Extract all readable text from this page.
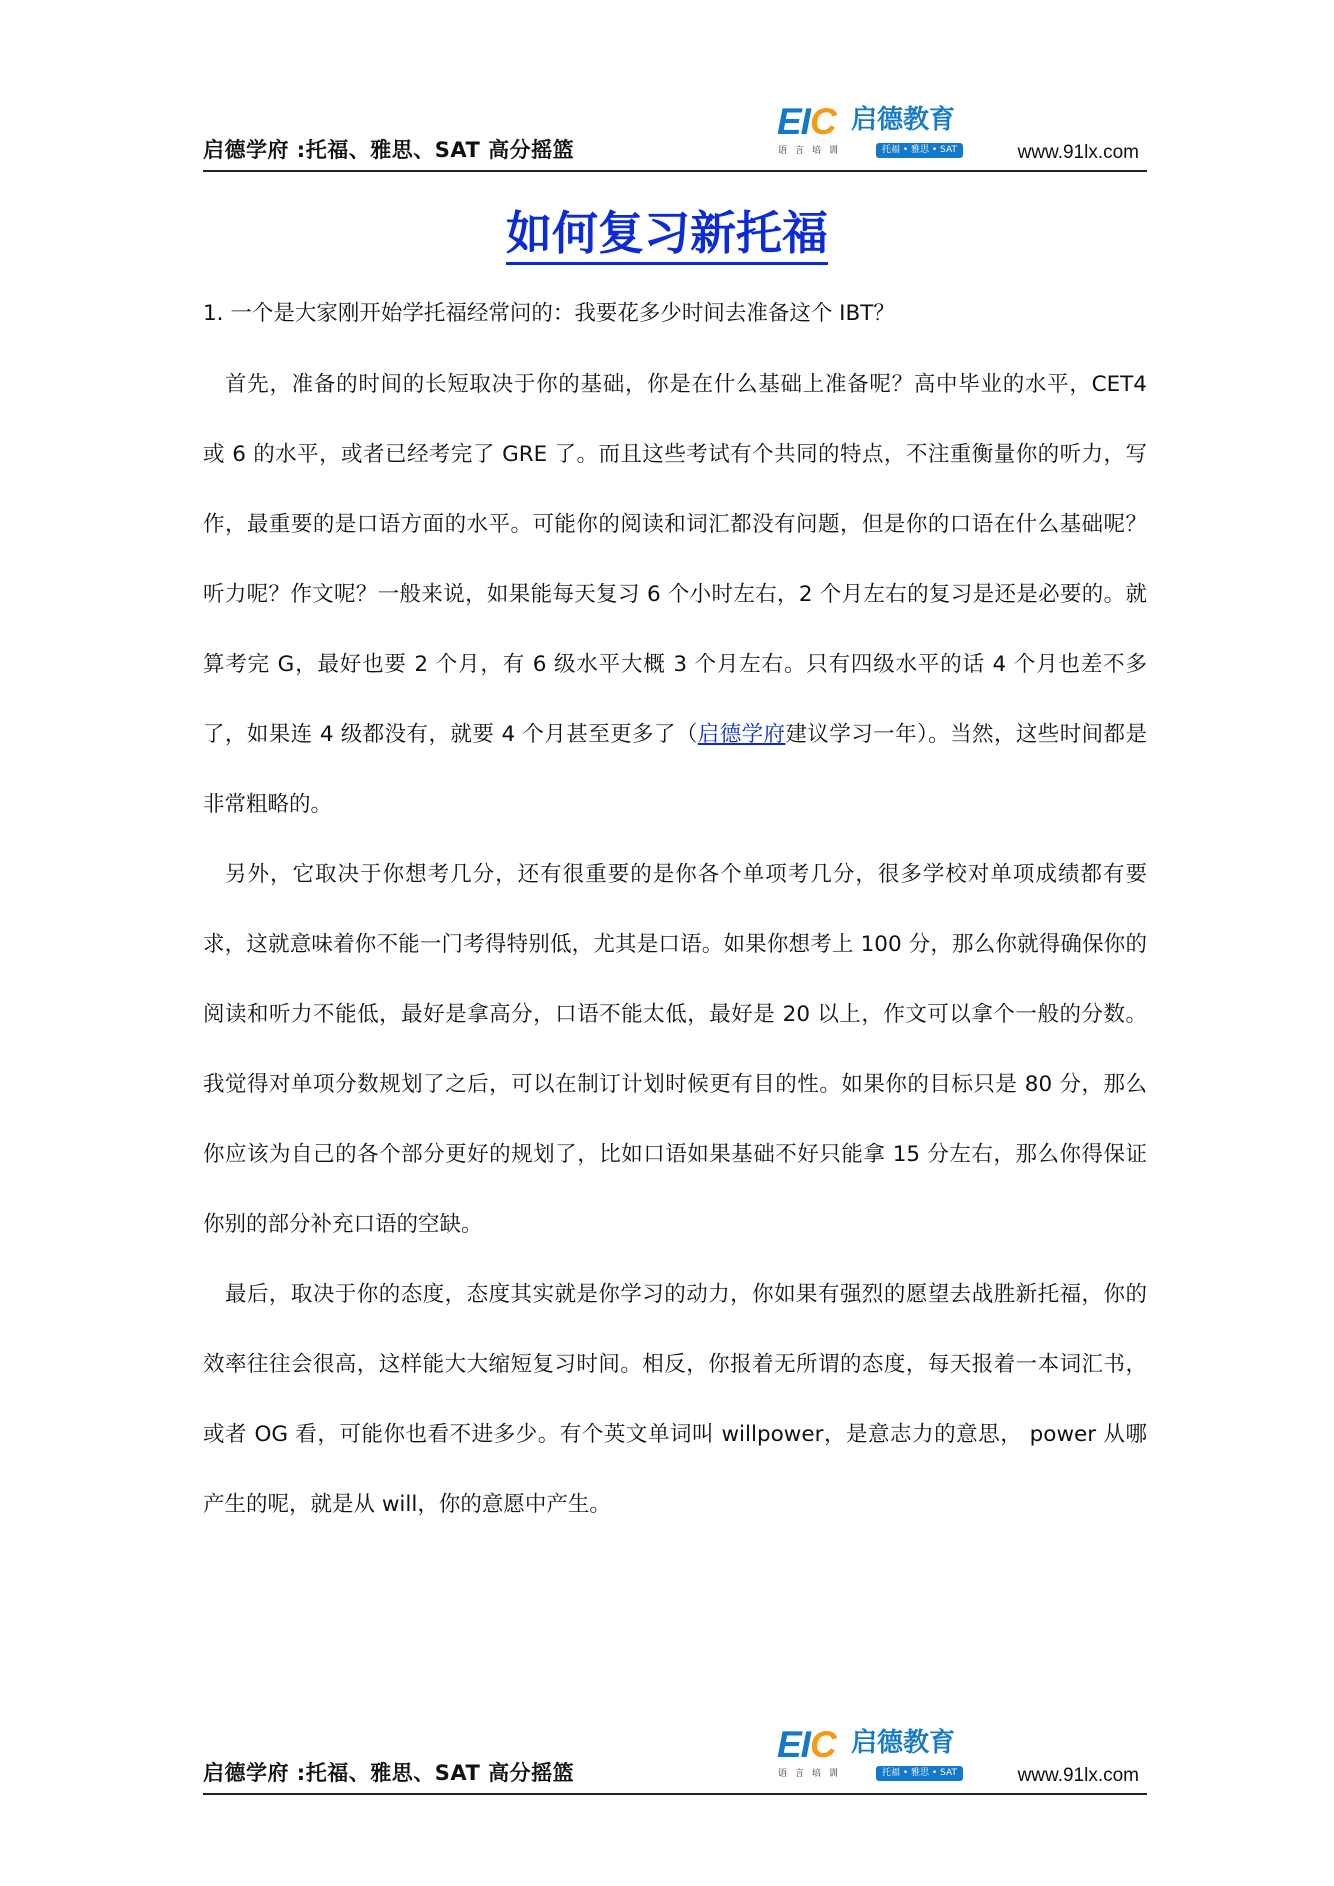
启德学府 :托福、雅思、SAT 高分摇篮
EIC 启德教育
语言培训	托福 • 雅思 • SAT	www.91lx.com
如何复习新托福

1. 一个是大家刚开始学托福经常问的：我要花多少时间去准备这个 IBT？

首先，准备的时间的长短取决于你的基础，你是在什么基础上准备呢？高中毕业的水平，CET4 或 6 的水平，或者已经考完了 GRE 了。而且这些考试有个共同的特点，不注重衡量你的听力，写作，最重要的是口语方面的水平。可能你的阅读和词汇都没有问题，但是你的口语在什么基础呢？听力呢？作文呢？一般来说，如果能每天复习 6 个小时左右，2 个月左右的复习是还是必要的。就算考完 G，最好也要 2 个月，有 6 级水平大概 3 个月左右。只有四级水平的话 4 个月也差不多了，如果连 4 级都没有，就要 4 个月甚至更多了（启德学府建议学习一年）。当然，这些时间都是非常粗略的。

另外，它取决于你想考几分，还有很重要的是你各个单项考几分，很多学校对单项成绩都有要求，这就意味着你不能一门考得特别低，尤其是口语。如果你想考上 100 分，那么你就得确保你的阅读和听力不能低，最好是拿高分，口语不能太低，最好是 20 以上，作文可以拿个一般的分数。我觉得对单项分数规划了之后，可以在制订计划时候更有目的性。如果你的目标只是 80 分，那么你应该为自己的各个部分更好的规划了，比如口语如果基础不好只能拿 15 分左右，那么你得保证你别的部分补充口语的空缺。

最后，取决于你的态度，态度其实就是你学习的动力，你如果有强烈的愿望去战胜新托福，你的效率往往会很高，这样能大大缩短复习时间。相反，你报着无所谓的态度，每天报着一本词汇书，或者 OG 看，可能你也看不进多少。有个英文单词叫 willpower，是意志力的意思， power 从哪产生的呢，就是从 will，你的意愿中产生。

启德学府 :托福、雅思、SAT 高分摇篮
EIC 启德教育
语言培训	托福 • 雅思 • SAT	www.91lx.com
